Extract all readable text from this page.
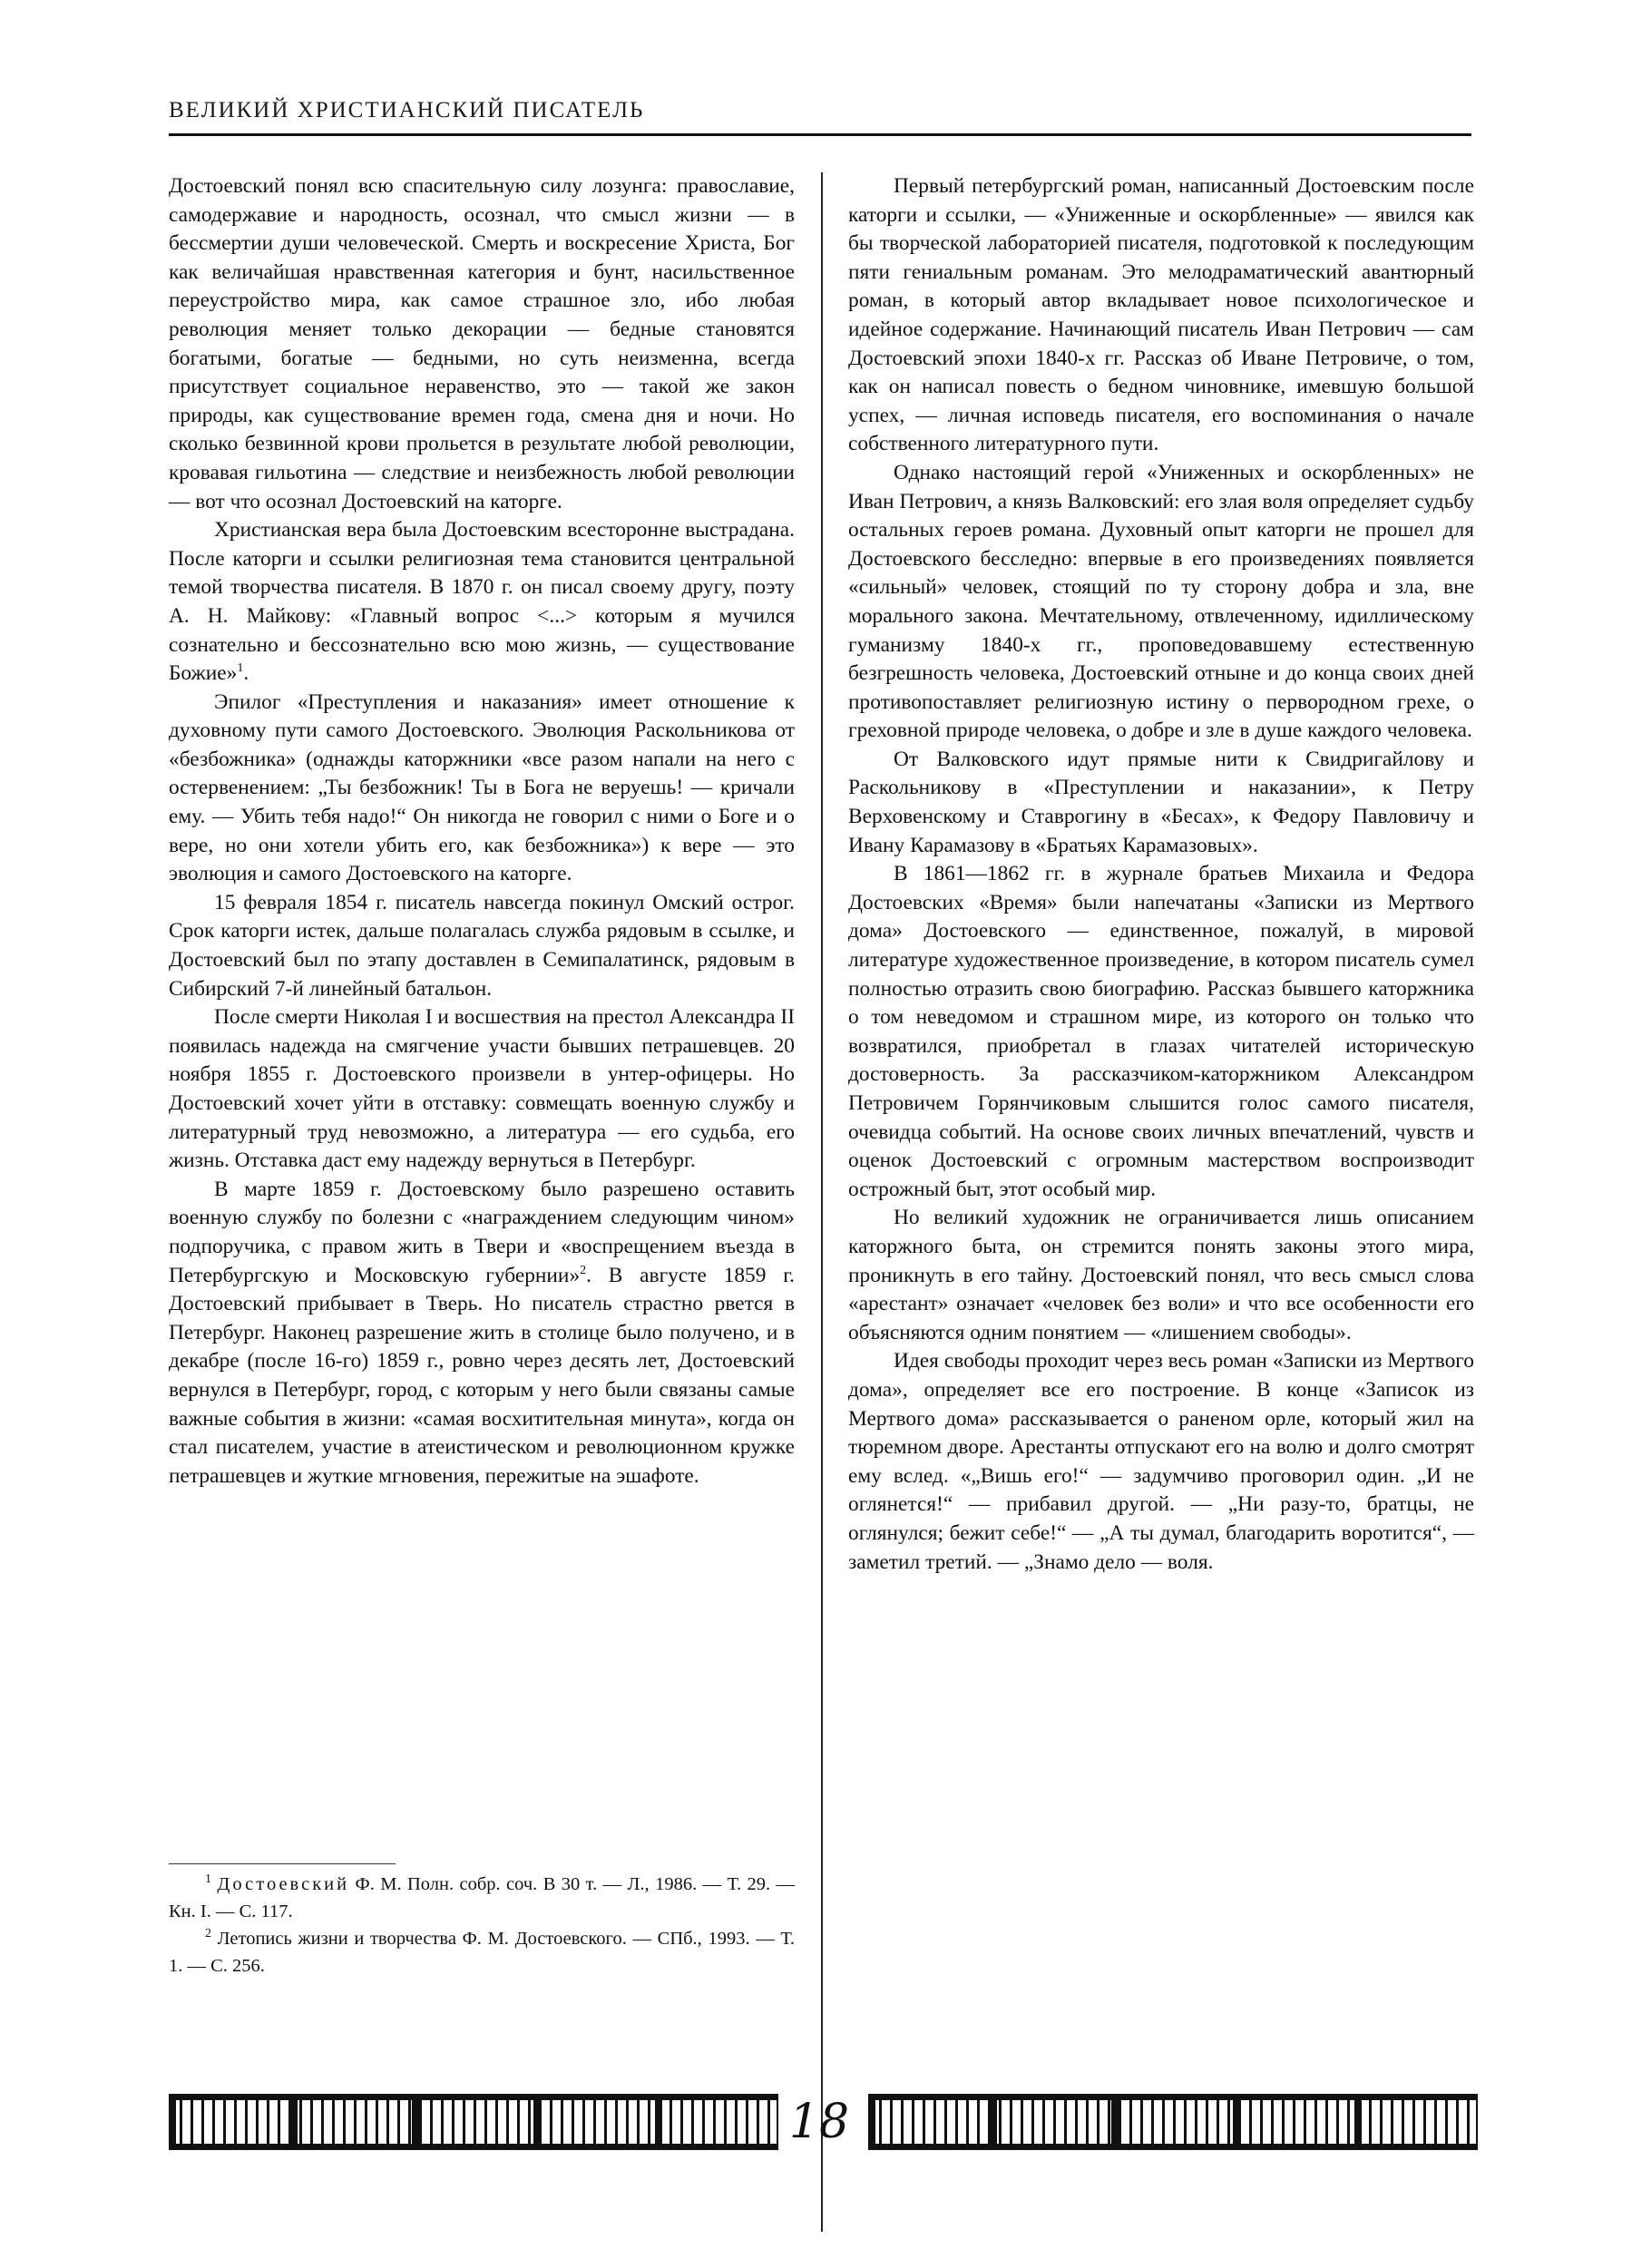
ВЕЛИКИЙ ХРИСТИАНСКИЙ ПИСАТЕЛЬ

Достоевский понял всю спасительную силу лозунга: православие, самодержавие и народность, осознал, что смысл жизни — в бессмертии души человеческой. Смерть и воскресение Христа, Бог как величайшая нравственная категория и бунт, насильственное переустройство мира, как самое страшное зло, ибо любая революция меняет только декорации — бедные становятся богатыми, богатые — бедными, но суть неизменна, всегда присутствует социальное неравенство, это — такой же закон природы, как существование времен года, смена дня и ночи. Но сколько безвинной крови прольется в результате любой революции, кровавая гильотина — следствие и неизбежность любой революции — вот что осознал Достоевский на каторге.

Христианская вера была Достоевским всесторонне выстрадана. После каторги и ссылки религиозная тема становится центральной темой творчества писателя. В 1870 г. он писал своему другу, поэту А. Н. Майкову: «Главный вопрос <...> которым я мучился сознательно и бессознательно всю мою жизнь, — существование Божие»$^1$.

Эпилог «Преступления и наказания» имеет отношение к духовному пути самого Достоевского. Эволюция Раскольникова от «безбожника» (однажды каторжники «все разом напали на него с остервенением: „Ты безбожник! Ты в Бога не веруешь! — кричали ему. — Убить тебя надо!“ Он никогда не говорил с ними о Боге и о вере, но они хотели убить его, как безбожника») к вере — это эволюция и самого Достоевского на каторге.

15 февраля 1854 г. писатель навсегда покинул Омский острог. Срок каторги истек, дальше полагалась служба рядовым в ссылке, и Достоевский был по этапу доставлен в Семипалатинск, рядовым в Сибирский 7-й линейный батальон.

После смерти Николая I и восшествия на престол Александра II появилась надежда на смягчение участи бывших петрашевцев. 20 ноября 1855 г. Достоевского произвели в унтер-офицеры. Но Достоевский хочет уйти в отставку: совмещать военную службу и литературный труд невозможно, а литература — его судьба, его жизнь. Отставка даст ему надежду вернуться в Петербург.

В марте 1859 г. Достоевскому было разрешено оставить военную службу по болезни с «награждением следующим чином» подпоручика, с правом жить в Твери и «воспрещением въезда в Петербургскую и Московскую губернии»$^2$. В августе 1859 г. Достоевский прибывает в Тверь. Но писатель страстно рвется в Петербург. Наконец разрешение жить в столице было получено, и в декабре (после 16-го) 1859 г., ровно через десять лет, Достоевский вернулся в Петербург, город, с которым у него были связаны самые важные события в жизни: «самая восхитительная минута», когда он стал писателем, участие в атеистическом и революционном кружке петрашевцев и жуткие мгновения, пережитые на эшафоте.

$^1$ Достоевский Ф. М. Полн. собр. соч. В 30 т. — Л., 1986. — Т. 29. — Кн. I. — С. 117.

$^2$ Летопись жизни и творчества Ф. М. Достоевского. — СПб., 1993. — Т. 1. — С. 256.

Первый петербургский роман, написанный Достоевским после каторги и ссылки, — «Униженные и оскорбленные» — явился как бы творческой лабораторией писателя, подготовкой к последующим пяти гениальным романам. Это мелодраматический авантюрный роман, в который автор вкладывает новое психологическое и идейное содержание. Начинающий писатель Иван Петрович — сам Достоевский эпохи 1840-х гг. Рассказ об Иване Петровиче, о том, как он написал повесть о бедном чиновнике, имевшую большой успех, — личная исповедь писателя, его воспоминания о начале собственного литературного пути.

Однако настоящий герой «Униженных и оскорбленных» не Иван Петрович, а князь Валковский: его злая воля определяет судьбу остальных героев романа. Духовный опыт каторги не прошел для Достоевского бесследно: впервые в его произведениях появляется «сильный» человек, стоящий по ту сторону добра и зла, вне морального закона. Мечтательному, отвлеченному, идиллическому гуманизму 1840-х гг., проповедовавшему естественную безгрешность человека, Достоевский отныне и до конца своих дней противопоставляет религиозную истину о первородном грехе, о греховной природе человека, о добре и зле в душе каждого человека.

От Валковского идут прямые нити к Свидригайлову и Раскольникову в «Преступлении и наказании», к Петру Верховенскому и Ставрогину в «Бесах», к Федору Павловичу и Ивану Карамазову в «Братьях Карамазовых».

В 1861—1862 гг. в журнале братьев Михаила и Федора Достоевских «Время» были напечатаны «Записки из Мертвого дома» Достоевского — единственное, пожалуй, в мировой литературе художественное произведение, в котором писатель сумел полностью отразить свою биографию. Рассказ бывшего каторжника о том неведомом и страшном мире, из которого он только что возвратился, приобретал в глазах читателей историческую достоверность. За рассказчиком-каторжником Александром Петровичем Горянчиковым слышится голос самого писателя, очевидца событий. На основе своих личных впечатлений, чувств и оценок Достоевский с огромным мастерством воспроизводит острожный быт, этот особый мир.

Но великий художник не ограничивается лишь описанием каторжного быта, он стремится понять законы этого мира, проникнуть в его тайну. Достоевский понял, что весь смысл слова «арестант» означает «человек без воли» и что все особенности его объясняются одним понятием — «лишением свободы».

Идея свободы проходит через весь роман «Записки из Мертвого дома», определяет все его построение. В конце «Записок из Мертвого дома» рассказывается о раненом орле, который жил на тюремном дворе. Арестанты отпускают его на волю и долго смотрят ему вслед. «„Вишь его!“ — задумчиво проговорил один. „И не оглянется!“ — прибавил другой. — „Ни разу-то, братцы, не оглянулся; бежит себе!“ — „А ты думал, благодарить воротится“, — заметил третий. — „Знамо дело — воля.

18
